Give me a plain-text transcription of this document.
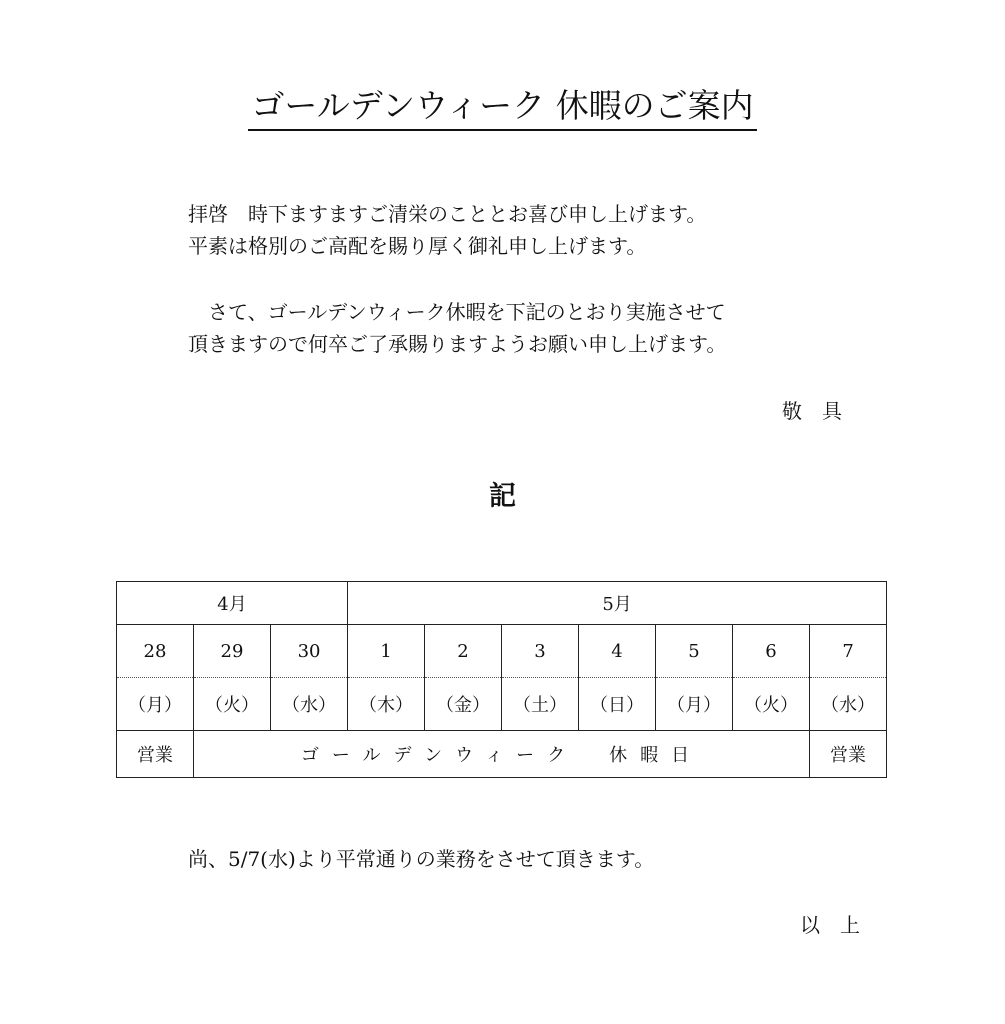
ゴールデンウィーク 休暇のご案内
拝啓　時下ますますご清栄のこととお喜び申し上げます。
平素は格別のご高配を賜り厚く御礼申し上げます。
　さて、ゴールデンウィーク休暇を下記のとおり実施させて
頂きますので何卒ご了承賜りますようお願い申し上げます。
敬　具
記
4月			5月						
28	29	30	1	2	3	4	5	6	7
（月）	（火）	（水）	（木）	（金）	（土）	（日）	（月）	（火）	（水）
営業	ゴールデンウィーク　休暇日								営業
尚、5/7(水)より平常通りの業務をさせて頂きます。
以　上
